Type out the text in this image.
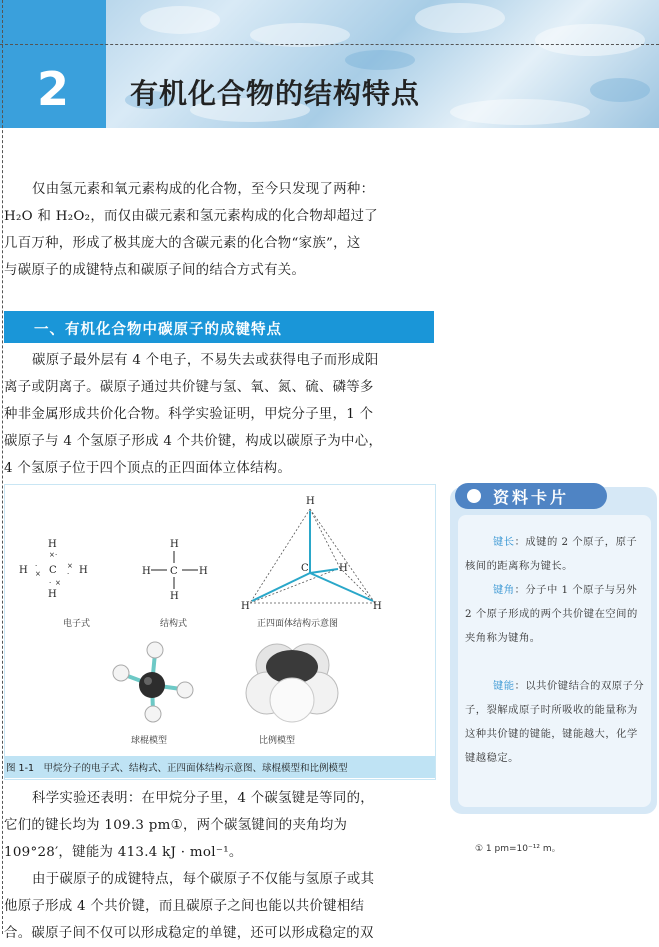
2	有机化合物的结构特点
仅由氢元素和氧元素构成的化合物，至今只发现了两种：
H₂O 和 H₂O₂，而仅由碳元素和氢元素构成的化合物却超过了
几百万种，形成了极其庞大的含碳元素的化合物“家族”，这
与碳原子的成键特点和碳原子间的结合方式有关。
一、有机化合物中碳原子的成键特点
碳原子最外层有 4 个电子，不易失去或获得电子而形成阳
离子或阴离子。碳原子通过共价键与氢、氧、氮、硫、磷等多
种非金属形成共价化合物。科学实验证明，甲烷分子里，1 个
碳原子与 4 个氢原子形成 4 个共价键，构成以碳原子为中心，
4 个氢原子位于四个顶点的正四面体立体结构。
H
H
C
H	H
× ·
· ×
·
×
×
·
H
H
C
H	H
H
C	H
H	H
电子式	结构式	正四面体结构示意图
球棍模型	比例模型
图 1-1　甲烷分子的电子式、结构式、正四面体结构示意图、球棍模型和比例模型
科学实验还表明：在甲烷分子里，4 个碳氢键是等同的，
它们的键长均为 109.3 pm①，两个碳氢键间的夹角均为
109°28′，键能为 413.4 kJ · mol⁻¹。
由于碳原子的成键特点，每个碳原子不仅能与氢原子或其
他原子形成 4 个共价键，而且碳原子之间也能以共价键相结
合。碳原子间不仅可以形成稳定的单键，还可以形成稳定的双
资料卡片
键长：成键的 2 个原子，原子核间的距离称为键长。
键角：分子中 1 个原子与另外 2 个原子形成的两个共价键在空间的夹角称为键角。
键能：以共价键结合的双原子分子，裂解成原子时所吸收的能量称为这种共价键的键能，键能越大，化学键越稳定。
① 1 pm=10⁻¹² m。
